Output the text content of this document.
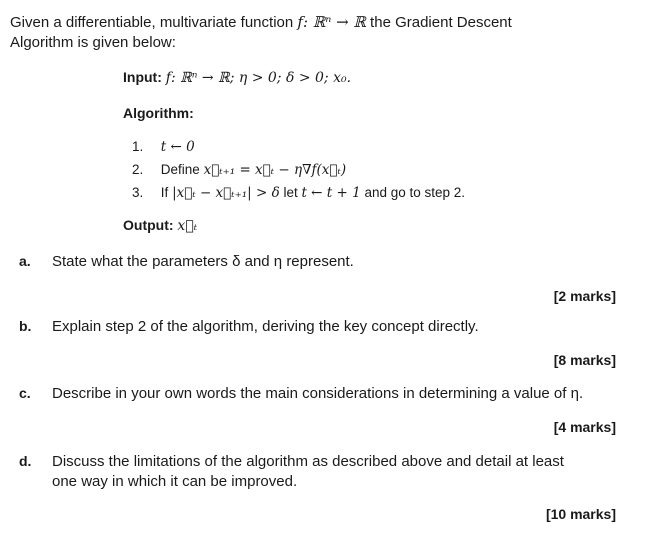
Given a differentiable, multivariate function f: ℝⁿ → ℝ the Gradient Descent
Algorithm is given below:
Input: f: ℝⁿ → ℝ; η > 0; δ > 0; x₀.
Algorithm:
1. t ← 0
2. Define x⃗ₜ₊₁ = x⃗ₜ − η∇f(x⃗ₜ)
3. If |x⃗ₜ − x⃗ₜ₊₁| > δ let t ← t + 1 and go to step 2.
Output: x⃗ₜ
a. State what the parameters δ and η represent.
[2 marks]
b. Explain step 2 of the algorithm, deriving the key concept directly.
[8 marks]
c. Describe in your own words the main considerations in determining a value of η.
[4 marks]
d. Discuss the limitations of the algorithm as described above and detail at least
one way in which it can be improved.
[10 marks]
